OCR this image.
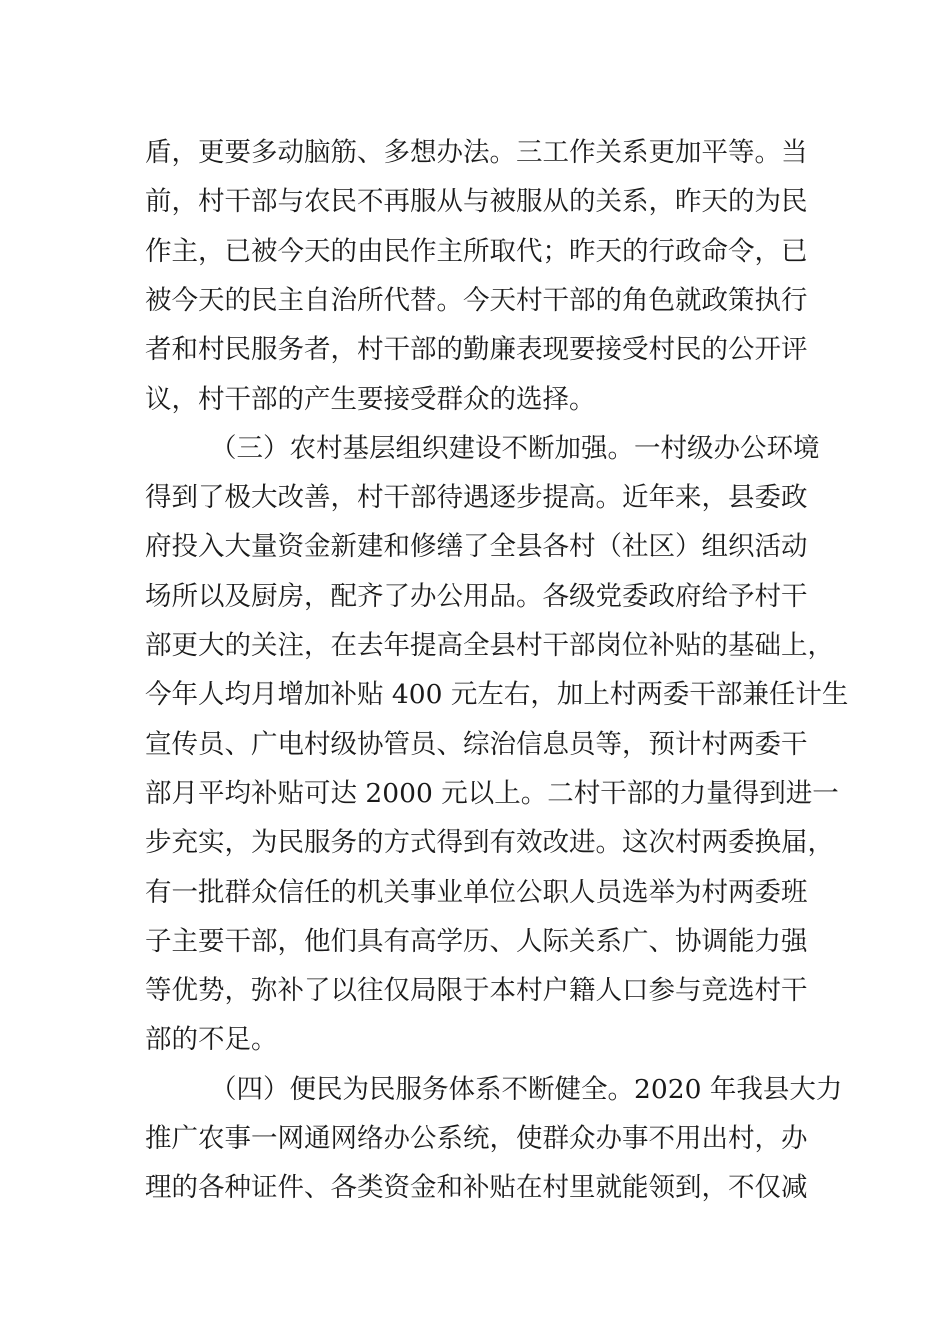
盾，更要多动脑筋、多想办法。三工作关系更加平等。当
前，村干部与农民不再服从与被服从的关系，昨天的为民
作主，已被今天的由民作主所取代；昨天的行政命令，已
被今天的民主自治所代替。今天村干部的角色就政策执行
者和村民服务者，村干部的勤廉表现要接受村民的公开评
议，村干部的产生要接受群众的选择。
（三）农村基层组织建设不断加强。一村级办公环境
得到了极大改善，村干部待遇逐步提高。近年来，县委政
府投入大量资金新建和修缮了全县各村（社区）组织活动
场所以及厨房，配齐了办公用品。各级党委政府给予村干
部更大的关注，在去年提高全县村干部岗位补贴的基础上，
今年人均月增加补贴 400 元左右，加上村两委干部兼任计生
宣传员、广电村级协管员、综治信息员等，预计村两委干
部月平均补贴可达 2000 元以上。二村干部的力量得到进一
步充实，为民服务的方式得到有效改进。这次村两委换届，
有一批群众信任的机关事业单位公职人员选举为村两委班
子主要干部，他们具有高学历、人际关系广、协调能力强
等优势，弥补了以往仅局限于本村户籍人口参与竞选村干
部的不足。
（四）便民为民服务体系不断健全。2020 年我县大力
推广农事一网通网络办公系统，使群众办事不用出村，办
理的各种证件、各类资金和补贴在村里就能领到，不仅减
